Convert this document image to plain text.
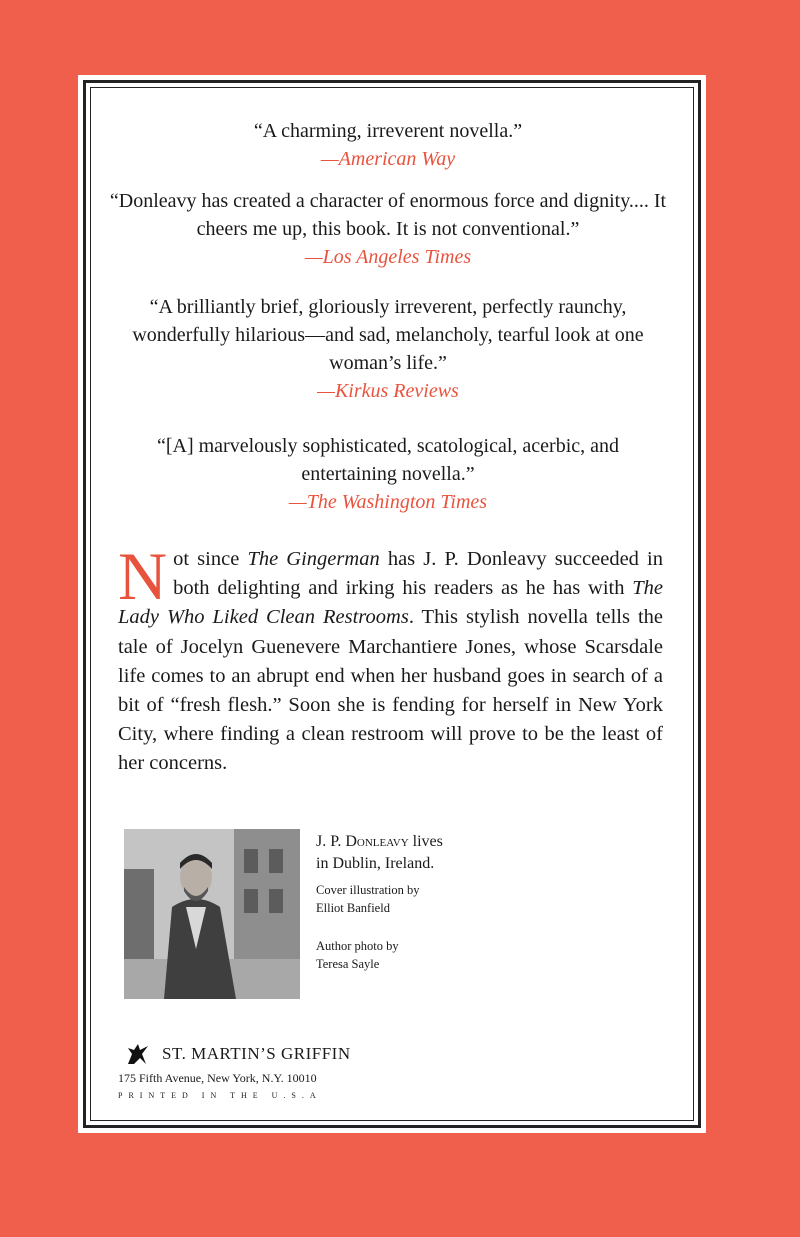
“A charming, irreverent novella.”

—American Way

“Donleavy has created a character of enormous force and dignity.... It cheers me up, this book. It is not conventional.”

—Los Angeles Times

“A brilliantly brief, gloriously irreverent, perfectly raunchy, wonderfully hilarious—and sad, melancholy, tearful look at one woman’s life.”

—Kirkus Reviews

“[A] marvelously sophisticated, scatological, acerbic, and entertaining novella.”

—The Washington Times

Not since The Gingerman has J. P. Donleavy succeeded in both delighting and irking his readers as he has with The Lady Who Liked Clean Restrooms. This stylish novella tells the tale of Jocelyn Guenevere Marchantiere Jones, whose Scarsdale life comes to an abrupt end when her husband goes in search of a bit of “fresh flesh.” Soon she is fending for herself in New York City, where finding a clean restroom will prove to be the least of her concerns.

J. P. Donleavy lives
in Dublin, Ireland.

Cover illustration by
Elliot Banfield

Author photo by
Teresa Sayle

ST. MARTIN’S GRIFFIN
175 Fifth Avenue, New York, N.Y. 10010
PRINTED IN THE U.S.A
